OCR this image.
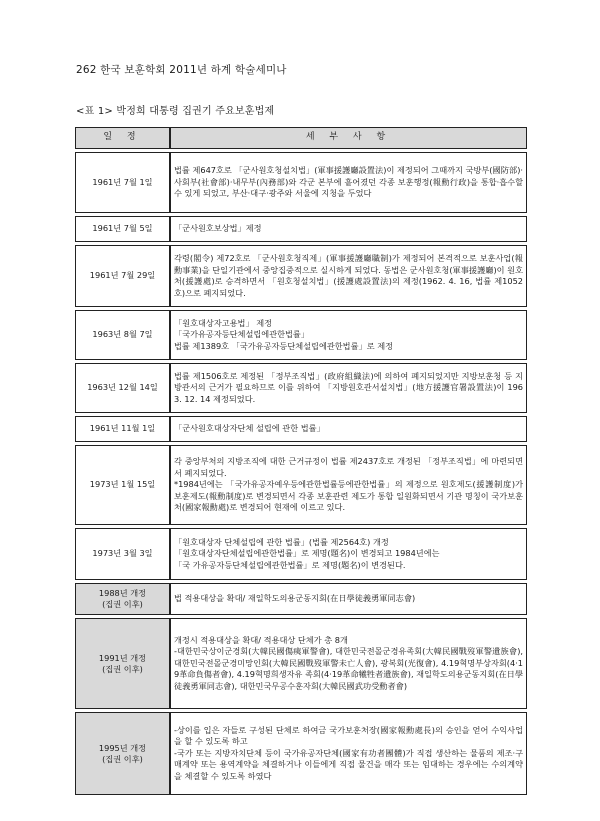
262 한국 보훈학회 2011년 하계 학술세미나
<표 1> 박정희 대통령 집권기 주요보훈법제
일 정	세 부 사 항
1961년 7월 1일	법률 제647호로 「군사원호청설치법」(軍事援護廳設置法)이 제정되어 그때까지 국방부(國防部)·사회부(社會部)·내무부(內務部)와 각군 본부에 흩어졌던 각종 보훈행정(報勳行政)을 통합·흡수할 수 있게 되었고, 부산·대구·광주와 서울에 지청을 두었다
1961년 7월 5일	「군사원호보상법」제정
1961년 7월 29일	각령(閣令) 제72호로 「군사원호청직제」(軍事援護廳職制)가 제정되어 본격적으로 보훈사업(報勳事業)을 단일기관에서 중앙집중적으로 실시하게 되었다. 동법은 군사원호청(軍事援護廳)이 원호처(援護處)로 승격하면서 「원호청설치법」(援護處設置法)의 제정(1962. 4. 16, 법률 제1052호)으로 폐지되었다.
1963년 8월 7일	「원호대상자고용법」 제정
「국가유공자등단체설립에관한법률」
법률 제1389호 「국가유공자등단체설립에관한법률」로 제정
1963년 12월 14일	법률 제1506호로 제정된 「정부조직법」(政府組織法)에 의하여 폐지되었지만 지방보훈청 등 지방관서의 근거가 필요하므로 이를 위하여 「지방원호관서설치법」(地方援護官署設置法)이 1963. 12. 14 제정되었다.
1961년 11월 1일	「군사원호대상자단체 설립에 관한 법률」
1973년 1월 15일	각 중앙부처의 지방조직에 대한 근거규정이 법률 제2437호로 개정된 「정부조직법」에 마련되면서 폐지되었다.
*1984년에는 「국가유공자예우등에관한법률등에관한법률」의 제정으로 원호제도(援護制度)가 보훈제도(報勳制度)로 변경되면서 각종 보훈관련 제도가 통합 일원화되면서 기관 명칭이 국가보훈처(國家報勳處)로 변경되어 현재에 이르고 있다.
1973년 3월 3일	「원호대상자 단체설립에 관한 법률」(법률 제2564호) 개정
「원호대상자단체설립에관한법률」로 제명(題名)이 변경되고 1984년에는
「국 가유공자등단체설립에관한법률」로 제명(題名)이 변경된다.
1988년 개정
(집권 이후)	법 적용대상을 확대/ 재일학도의용군동지회(在日學徒義勇軍同志會)
1991년 개정
(집권 이후)	개정시 적용대상을 확대/ 적용대상 단체가 총 8개
-대한민국상이군경회(大韓民國傷痍軍警會), 대한민국전몰군경유족회(大韓民國戰歿軍警遺族會), 대한민국전몰군경미망인회(大韓民國戰歿軍警未亡人會), 광복회(光復會), 4.19혁명부상자회(4·19革命負傷者會), 4.19혁명희생자유 족회(4·19革命犧牲者遺族會), 재일학도의용군동지회(在日學徒義勇軍同志會), 대한민국무공수훈자회(大韓民國武功受勳者會)
1995년 개정
(집권 이후)	-상이를 입은 자들로 구성된 단체로 하여금 국가보훈처장(國家報勳處長)의 승인을 얻어 수익사업을 할 수 있도록 하고
-국가 또는 지방자치단체 등이 국가유공자단체(國家有功者團體)가 직접 생산하는 물품의 제조·구매계약 또는 용역계약을 체결하거나 이들에게 직접 물건을 매각 또는 임대하는 경우에는 수의계약을 체결할 수 있도록 하였다
